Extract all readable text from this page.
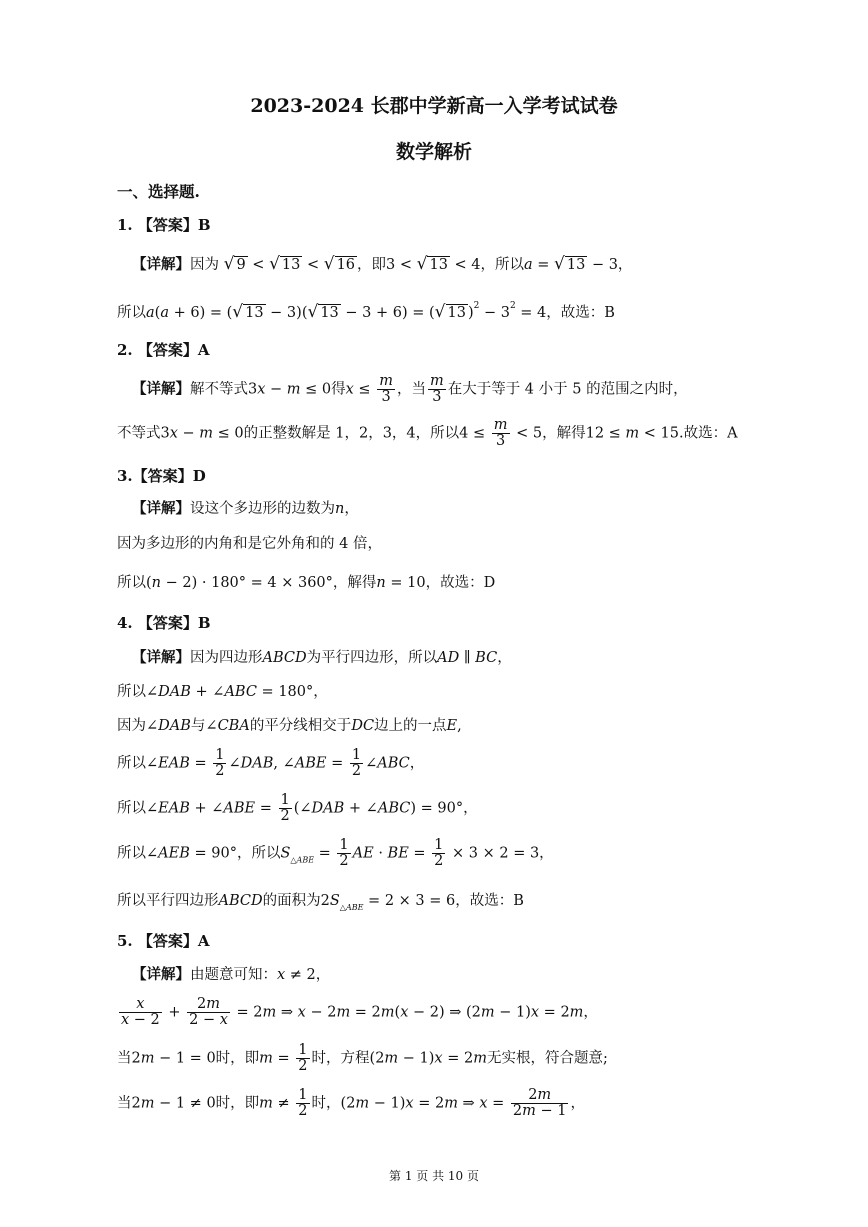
2023-2024 长郡中学新高一入学考试试卷
数学解析
一、选择题.
1. 【答案】B
【详解】因为 √ 9 < √ 13 < √ 16 ，即3 < √ 13 < 4，所以a = √ 13 − 3，
所以a(a + 6) = (√ 13 − 3)(√ 13 − 3 + 6) = (√ 13 )$^2 - 3^2 = 4$，故选：B
2. 【答案】A
【详解】解不等式3x − m ≤ 0得$x \le \frac{m}{3}$ ，当 $\frac{m}{3}$ 在大于等于 4 小于 5 的范围之内时，
不等式3x − m ≤ 0的正整数解是 1，2，3，4，所以$4 \le \frac{m}{3} < 5$，解得12 ≤ m < 15.故选：A
3.【答案】D
【详解】设这个多边形的边数为n，
因为多边形的内角和是它外角和的 4 倍，
所以(n − 2) · 180° = 4 × 360°，解得n = 10，故选：D
4. 【答案】B
【详解】因为四边形ABCD为平行四边形，所以AD ∥ BC，
所以∠DAB + ∠ABC = 180°，
因为∠DAB与∠CBA的平分线相交于DC边上的一点E,
所以∠EAB = $\frac{1}{2}$ ∠DAB, ∠ABE = $\frac{1}{2}$ ∠ABC，
所以∠EAB + ∠ABE = $\frac{1}{2}$ (∠DAB + ∠ABC) = 90°，
所以∠AEB = 90°，所以$S_{\triangle ABE} = \frac{1}{2}$ AE · BE = $\frac{1}{2} \times 3 \times 2 = 3$，
所以平行四边形ABCD的面积为$2S_{\triangle ABE} = 2 \times 3 = 6$，故选：B
5. 【答案】A
【详解】由题意可知：x ≠ 2，
$\frac{x}{x - 2} + \frac{2m}{2 - x} = 2m$ ⇒ x − 2m = 2m(x − 2) ⇒ (2m − 1)x = 2m，
当2m − 1 = 0时，即$m = \frac{1}{2}$ 时，方程(2m − 1)x = 2m无实根，符合题意;
当2m − 1 ≠ 0时，即$m \ne \frac{1}{2}$ 时，(2m − 1)x = 2m ⇒ $x = \frac{2m}{2m - 1}$ ，
第 1 页 共 10 页
